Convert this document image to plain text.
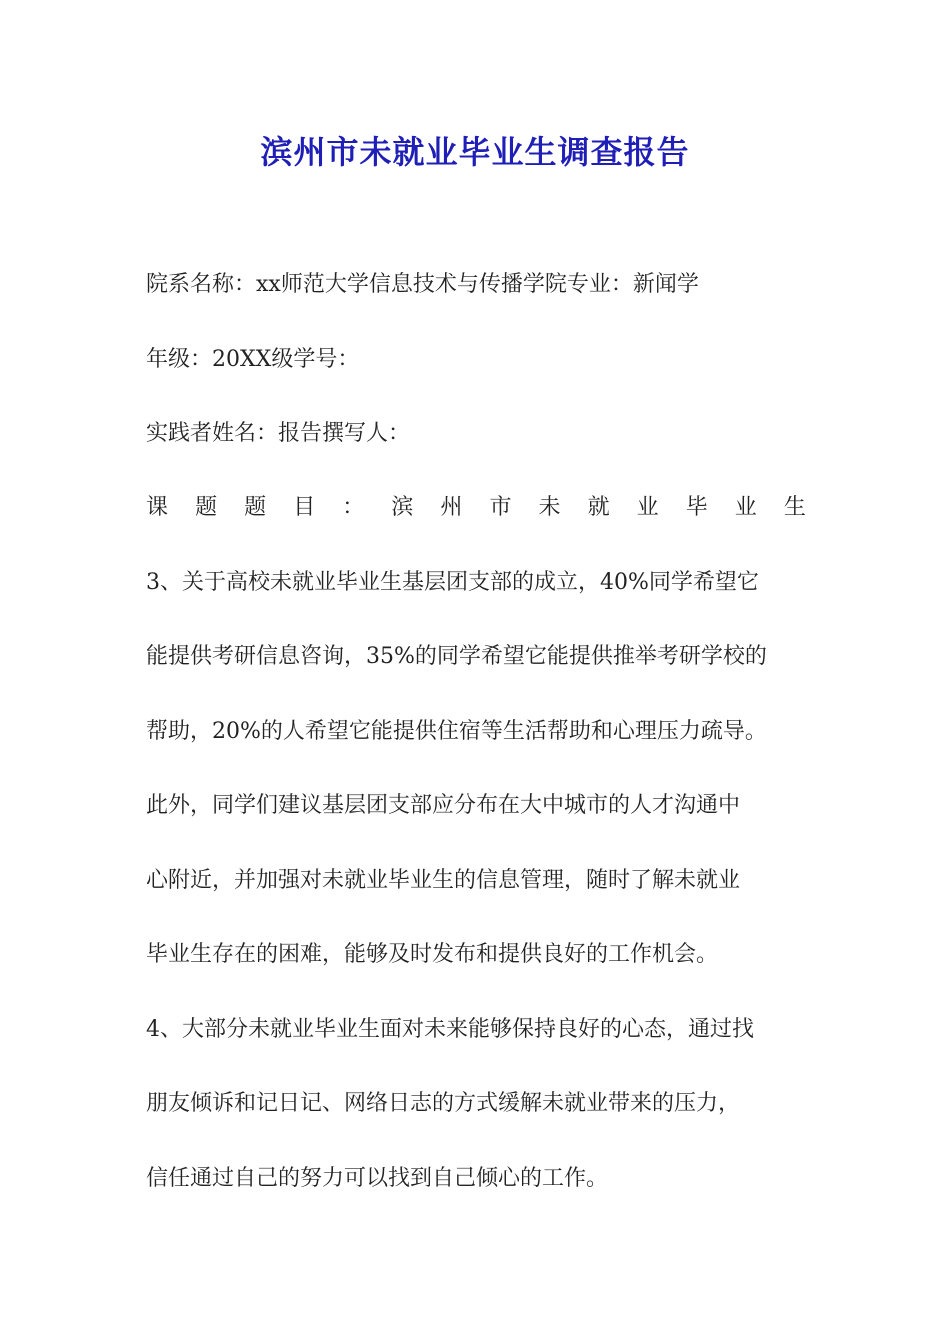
滨州市未就业毕业生调查报告
院系名称：xx师范大学信息技术与传播学院专业：新闻学
年级：20XX级学号：
实践者姓名：报告撰写人：
课 题 题 目 ： 滨 州 市 未 就 业 毕 业 生
3、关于高校未就业毕业生基层团支部的成立，40%同学希望它
能提供考研信息咨询，35%的同学希望它能提供推举考研学校的
帮助，20%的人希望它能提供住宿等生活帮助和心理压力疏导。
此外，同学们建议基层团支部应分布在大中城市的人才沟通中
心附近，并加强对未就业毕业生的信息管理，随时了解未就业
毕业生存在的困难，能够及时发布和提供良好的工作机会。
4、大部分未就业毕业生面对未来能够保持良好的心态，通过找
朋友倾诉和记日记、网络日志的方式缓解未就业带来的压力，
信任通过自己的努力可以找到自己倾心的工作。
